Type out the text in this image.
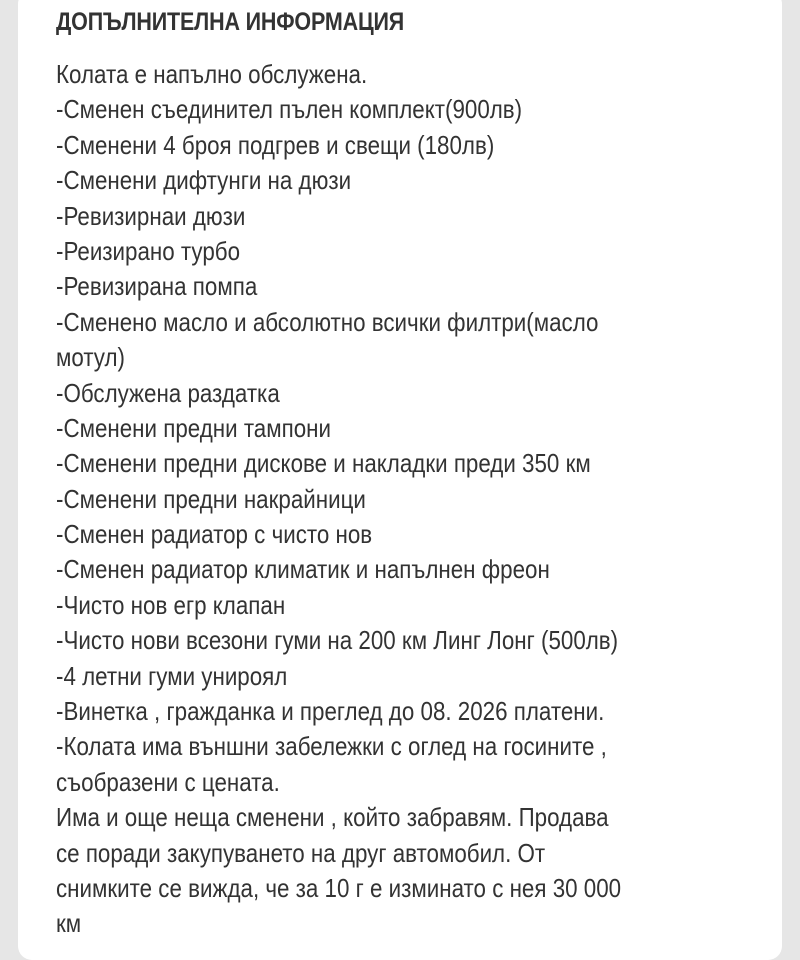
ДОПЪЛНИТЕЛНА ИНФОРМАЦИЯ
Колата е напълно обслужена.
-Сменен съединител пълен комплект(900лв)
-Сменени 4 броя подгрев и свещи (180лв)
-Сменени дифтунги на дюзи
-Ревизирнаи дюзи
-Реизирано турбо
-Ревизирана помпа
-Сменено масло и абсолютно всички филтри(масло
мотул)
-Обслужена раздатка
-Сменени предни тампони
-Сменени предни дискове и накладки преди 350 км
-Сменени предни накрайници
-Сменен радиатор с чисто нов
-Сменен радиатор климатик и напълнен фреон
-Чисто нов егр клапан
-Чисто нови всезони гуми на 200 км Линг Лонг (500лв)
-4 летни гуми унироял
-Винетка , гражданка и преглед до 08. 2026 платени.
-Колата има външни забележки с оглед на госините ,
съобразени с цената.
Има и още неща сменени , който забравям. Продава
се поради закупуването на друг автомобил. От
снимките се вижда, че за 10 г е изминато с нея 30 000
км
